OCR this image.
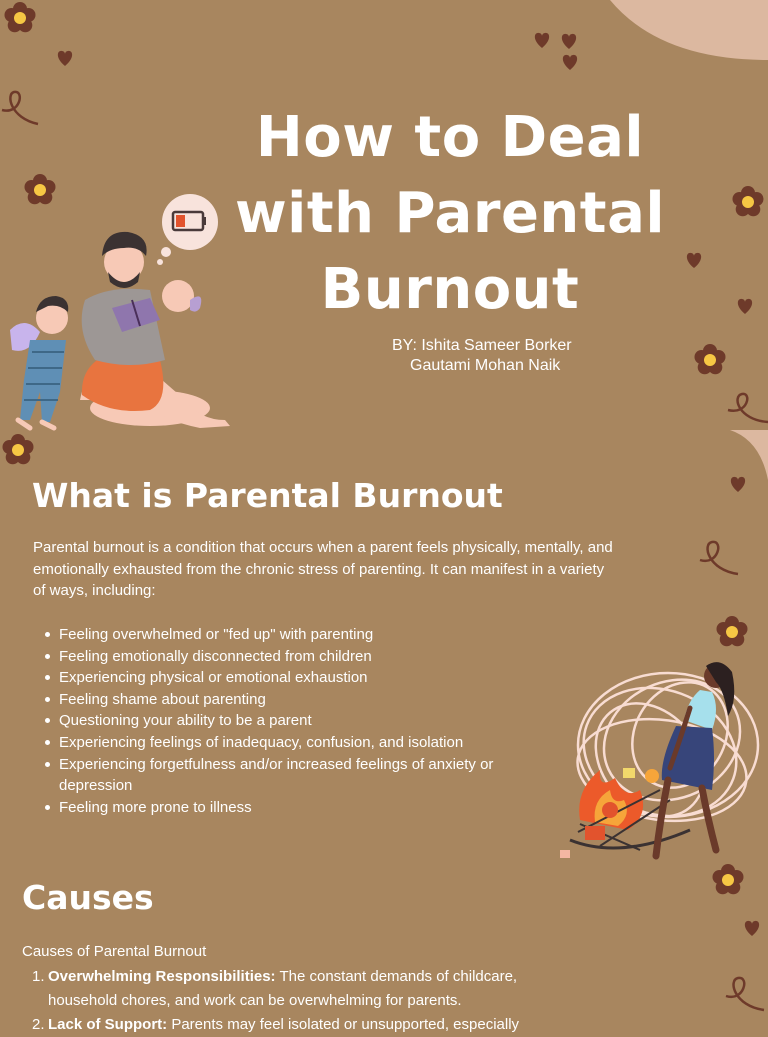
How to Deal
with Parental
Burnout
BY: Ishita Sameer Borker
Gautami Mohan Naik
What is Parental Burnout
Parental burnout is a condition that occurs when a parent feels physically, mentally, and emotionally exhausted from the chronic stress of parenting. It can manifest in a variety of ways, including:
Feeling overwhelmed or "fed up" with parenting
Feeling emotionally disconnected from children
Experiencing physical or emotional exhaustion
Feeling shame about parenting
Questioning your ability to be a parent
Experiencing feelings of inadequacy, confusion, and isolation
Experiencing forgetfulness and/or increased feelings of anxiety or depression
Feeling more prone to illness
Causes
Causes of Parental Burnout
1. Overwhelming Responsibilities: The constant demands of childcare, household chores, and work can be overwhelming for parents.
2. Lack of Support: Parents may feel isolated or unsupported, especially
